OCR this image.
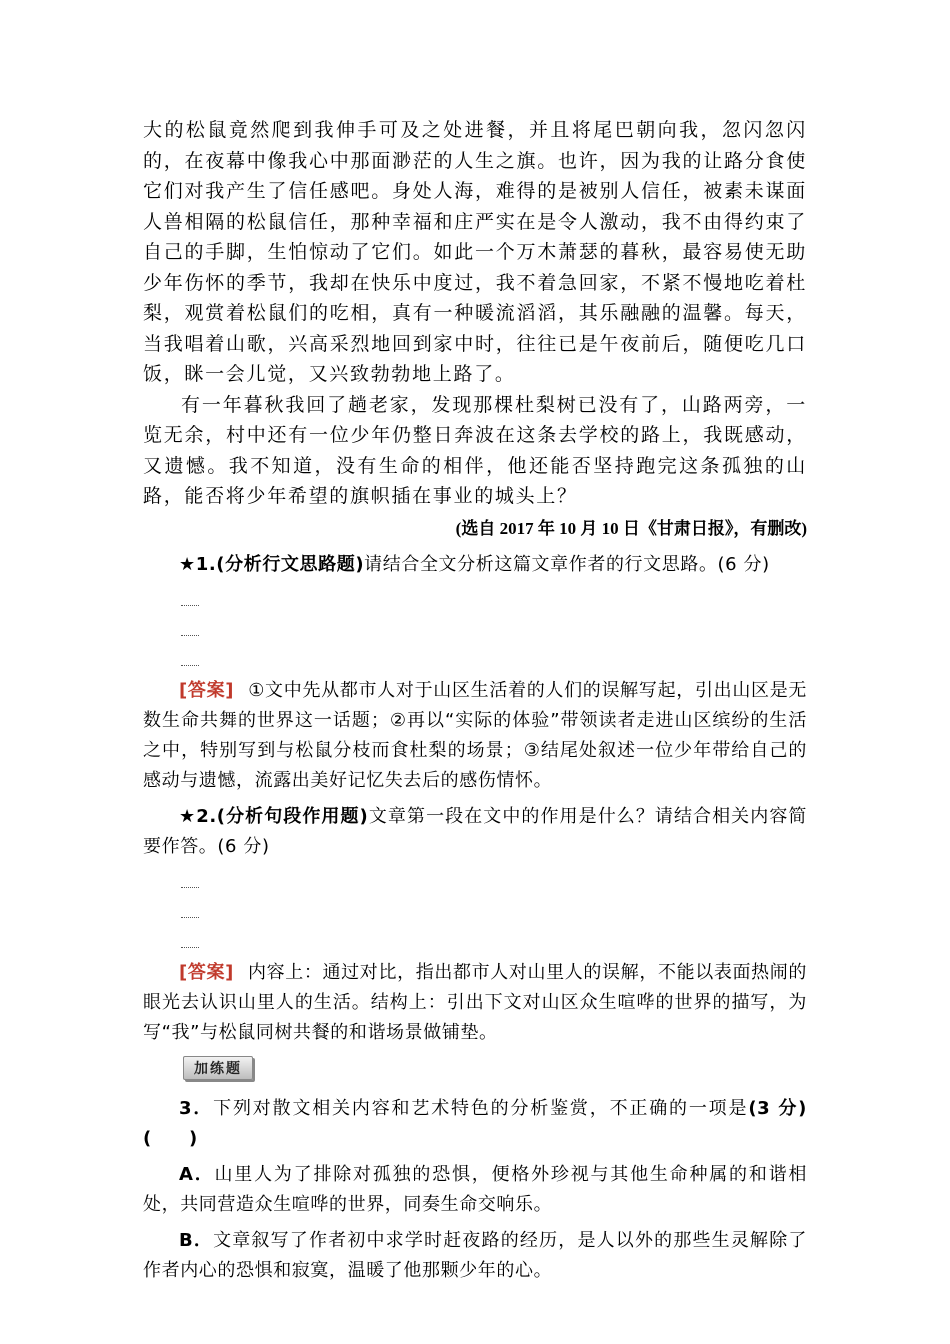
大的松鼠竟然爬到我伸手可及之处进餐，并且将尾巴朝向我，忽闪忽闪的，在夜幕中像我心中那面渺茫的人生之旗。也许，因为我的让路分食使它们对我产生了信任感吧。身处人海，难得的是被别人信任，被素未谋面人兽相隔的松鼠信任，那种幸福和庄严实在是令人激动，我不由得约束了自己的手脚，生怕惊动了它们。如此一个万木萧瑟的暮秋，最容易使无助少年伤怀的季节，我却在快乐中度过，我不着急回家，不紧不慢地吃着杜梨，观赏着松鼠们的吃相，真有一种暖流滔滔，其乐融融的温馨。每天，当我唱着山歌，兴高采烈地回到家中时，往往已是午夜前后，随便吃几口饭，眯一会儿觉，又兴致勃勃地上路了。

有一年暮秋我回了趟老家，发现那棵杜梨树已没有了，山路两旁，一览无余，村中还有一位少年仍整日奔波在这条去学校的路上，我既感动，又遗憾。我不知道，没有生命的相伴，他还能否坚持跑完这条孤独的山路，能否将少年希望的旗帜插在事业的城头上？

(选自 2017 年 10 月 10 日《甘肃日报》，有删改)

★1.(分析行文思路题)请结合全文分析这篇文章作者的行文思路。(6 分)

[答案] ①文中先从都市人对于山区生活着的人们的误解写起，引出山区是无数生命共舞的世界这一话题；②再以“实际的体验”带领读者走进山区缤纷的生活之中，特别写到与松鼠分枝而食杜梨的场景；③结尾处叙述一位少年带给自己的感动与遗憾，流露出美好记忆失去后的感伤情怀。

★2.(分析句段作用题)文章第一段在文中的作用是什么？请结合相关内容简要作答。(6 分)

[答案] 内容上：通过对比，指出都市人对山里人的误解，不能以表面热闹的眼光去认识山里人的生活。结构上：引出下文对山区众生喧哗的世界的描写，为写“我”与松鼠同树共餐的和谐场景做铺垫。

加练题

3．下列对散文相关内容和艺术特色的分析鉴赏，不正确的一项是(3 分)(　　)

A．山里人为了排除对孤独的恐惧，便格外珍视与其他生命种属的和谐相处，共同营造众生喧哗的世界，同奏生命交响乐。

B．文章叙写了作者初中求学时赶夜路的经历，是人以外的那些生灵解除了作者内心的恐惧和寂寞，温暖了他那颗少年的心。
